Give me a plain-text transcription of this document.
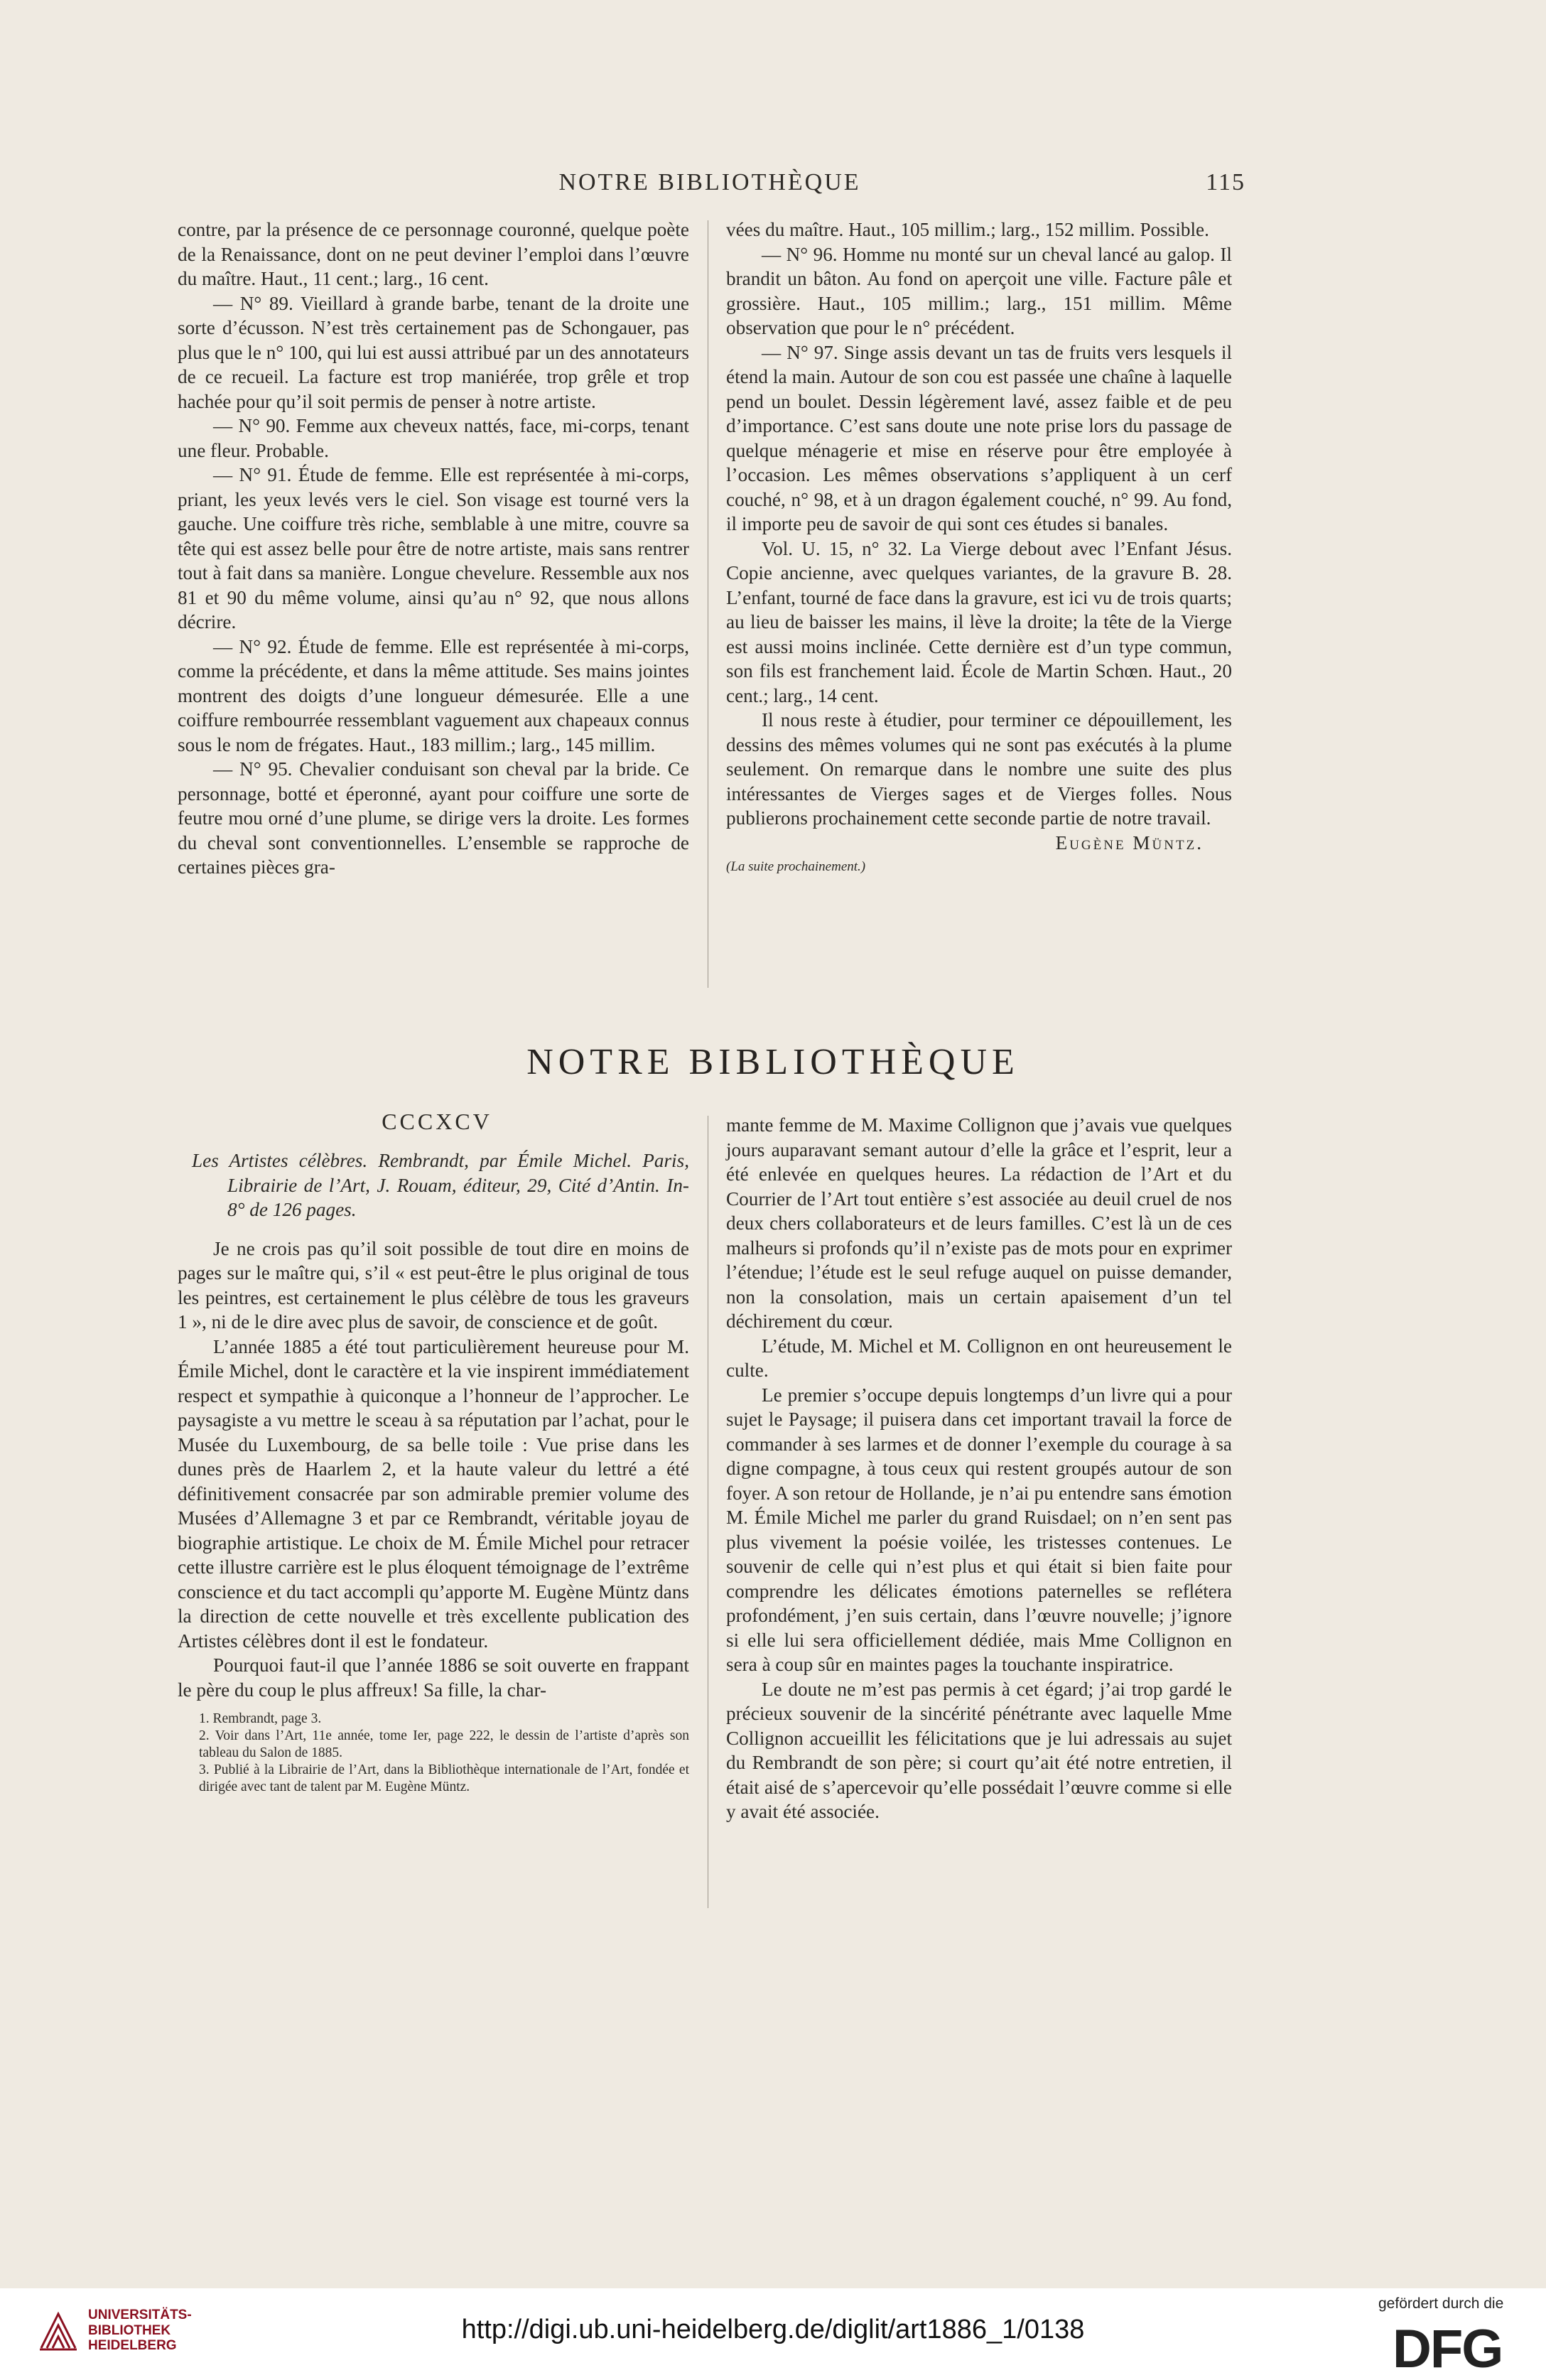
NOTRE BIBLIOTHÈQUE	115

contre, par la présence de ce personnage couronné, quelque poète de la Renaissance, dont on ne peut deviner l’emploi dans l’œuvre du maître. Haut., 11 cent.; larg., 16 cent.

— N° 89. Vieillard à grande barbe, tenant de la droite une sorte d’écusson. N’est très certainement pas de Schongauer, pas plus que le n° 100, qui lui est aussi attribué par un des annotateurs de ce recueil. La facture est trop maniérée, trop grêle et trop hachée pour qu’il soit permis de penser à notre artiste.

— N° 90. Femme aux cheveux nattés, face, mi-corps, tenant une fleur. Probable.

— N° 91. Étude de femme. Elle est représentée à mi-corps, priant, les yeux levés vers le ciel. Son visage est tourné vers la gauche. Une coiffure très riche, semblable à une mitre, couvre sa tête qui est assez belle pour être de notre artiste, mais sans rentrer tout à fait dans sa manière. Longue chevelure. Ressemble aux nos 81 et 90 du même volume, ainsi qu’au n° 92, que nous allons décrire.

— N° 92. Étude de femme. Elle est représentée à mi-corps, comme la précédente, et dans la même attitude. Ses mains jointes montrent des doigts d’une longueur démesurée. Elle a une coiffure rembourrée ressemblant vaguement aux chapeaux connus sous le nom de frégates. Haut., 183 millim.; larg., 145 millim.

— N° 95. Chevalier conduisant son cheval par la bride. Ce personnage, botté et éperonné, ayant pour coiffure une sorte de feutre mou orné d’une plume, se dirige vers la droite. Les formes du cheval sont conventionnelles. L’ensemble se rapproche de certaines pièces gra-

vées du maître. Haut., 105 millim.; larg., 152 millim. Possible.

— N° 96. Homme nu monté sur un cheval lancé au galop. Il brandit un bâton. Au fond on aperçoit une ville. Facture pâle et grossière. Haut., 105 millim.; larg., 151 millim. Même observation que pour le n° précédent.

— N° 97. Singe assis devant un tas de fruits vers lesquels il étend la main. Autour de son cou est passée une chaîne à laquelle pend un boulet. Dessin légèrement lavé, assez faible et de peu d’importance. C’est sans doute une note prise lors du passage de quelque ménagerie et mise en réserve pour être employée à l’occasion. Les mêmes observations s’appliquent à un cerf couché, n° 98, et à un dragon également couché, n° 99. Au fond, il importe peu de savoir de qui sont ces études si banales.

Vol. U. 15, n° 32. La Vierge debout avec l’Enfant Jésus. Copie ancienne, avec quelques variantes, de la gravure B. 28. L’enfant, tourné de face dans la gravure, est ici vu de trois quarts; au lieu de baisser les mains, il lève la droite; la tête de la Vierge est aussi moins inclinée. Cette dernière est d’un type commun, son fils est franchement laid. École de Martin Schœn. Haut., 20 cent.; larg., 14 cent.

Il nous reste à étudier, pour terminer ce dépouillement, les dessins des mêmes volumes qui ne sont pas exécutés à la plume seulement. On remarque dans le nombre une suite des plus intéressantes de Vierges sages et de Vierges folles. Nous publierons prochainement cette seconde partie de notre travail.

Eugène Müntz.

(La suite prochainement.)

NOTRE BIBLIOTHÈQUE
CCCXCV

Les Artistes célèbres. Rembrandt, par Émile Michel. Paris, Librairie de l’Art, J. Rouam, éditeur, 29, Cité d’Antin. In-8° de 126 pages.

Je ne crois pas qu’il soit possible de tout dire en moins de pages sur le maître qui, s’il « est peut-être le plus original de tous les peintres, est certainement le plus célèbre de tous les graveurs 1 », ni de le dire avec plus de savoir, de conscience et de goût.

L’année 1885 a été tout particulièrement heureuse pour M. Émile Michel, dont le caractère et la vie inspirent immédiatement respect et sympathie à quiconque a l’honneur de l’approcher. Le paysagiste a vu mettre le sceau à sa réputation par l’achat, pour le Musée du Luxembourg, de sa belle toile : Vue prise dans les dunes près de Haarlem 2, et la haute valeur du lettré a été définitivement consacrée par son admirable premier volume des Musées d’Allemagne 3 et par ce Rembrandt, véritable joyau de biographie artistique. Le choix de M. Émile Michel pour retracer cette illustre carrière est le plus éloquent témoignage de l’extrême conscience et du tact accompli qu’apporte M. Eugène Müntz dans la direction de cette nouvelle et très excellente publication des Artistes célèbres dont il est le fondateur.

Pourquoi faut-il que l’année 1886 se soit ouverte en frappant le père du coup le plus affreux! Sa fille, la char-

1. Rembrandt, page 3.

2. Voir dans l’Art, 11e année, tome Ier, page 222, le dessin de l’artiste d’après son tableau du Salon de 1885.

3. Publié à la Librairie de l’Art, dans la Bibliothèque internationale de l’Art, fondée et dirigée avec tant de talent par M. Eugène Müntz.

mante femme de M. Maxime Collignon que j’avais vue quelques jours auparavant semant autour d’elle la grâce et l’esprit, leur a été enlevée en quelques heures. La rédaction de l’Art et du Courrier de l’Art tout entière s’est associée au deuil cruel de nos deux chers collaborateurs et de leurs familles. C’est là un de ces malheurs si profonds qu’il n’existe pas de mots pour en exprimer l’étendue; l’étude est le seul refuge auquel on puisse demander, non la consolation, mais un certain apaisement d’un tel déchirement du cœur.

L’étude, M. Michel et M. Collignon en ont heureusement le culte.

Le premier s’occupe depuis longtemps d’un livre qui a pour sujet le Paysage; il puisera dans cet important travail la force de commander à ses larmes et de donner l’exemple du courage à sa digne compagne, à tous ceux qui restent groupés autour de son foyer. A son retour de Hollande, je n’ai pu entendre sans émotion M. Émile Michel me parler du grand Ruisdael; on n’en sent pas plus vivement la poésie voilée, les tristesses contenues. Le souvenir de celle qui n’est plus et qui était si bien faite pour comprendre les délicates émotions paternelles se reflétera profondément, j’en suis certain, dans l’œuvre nouvelle; j’ignore si elle lui sera officiellement dédiée, mais Mme Collignon en sera à coup sûr en maintes pages la touchante inspiratrice.

Le doute ne m’est pas permis à cet égard; j’ai trop gardé le précieux souvenir de la sincérité pénétrante avec laquelle Mme Collignon accueillit les félicitations que je lui adressais au sujet du Rembrandt de son père; si court qu’ait été notre entretien, il était aisé de s’apercevoir qu’elle possédait l’œuvre comme si elle y avait été associée.

UNIVERSITÄTS-
BIBLIOTHEK
HEIDELBERG
http://digi.ub.uni-heidelberg.de/diglit/art1886_1/0138
gefördert durch die
DFG
